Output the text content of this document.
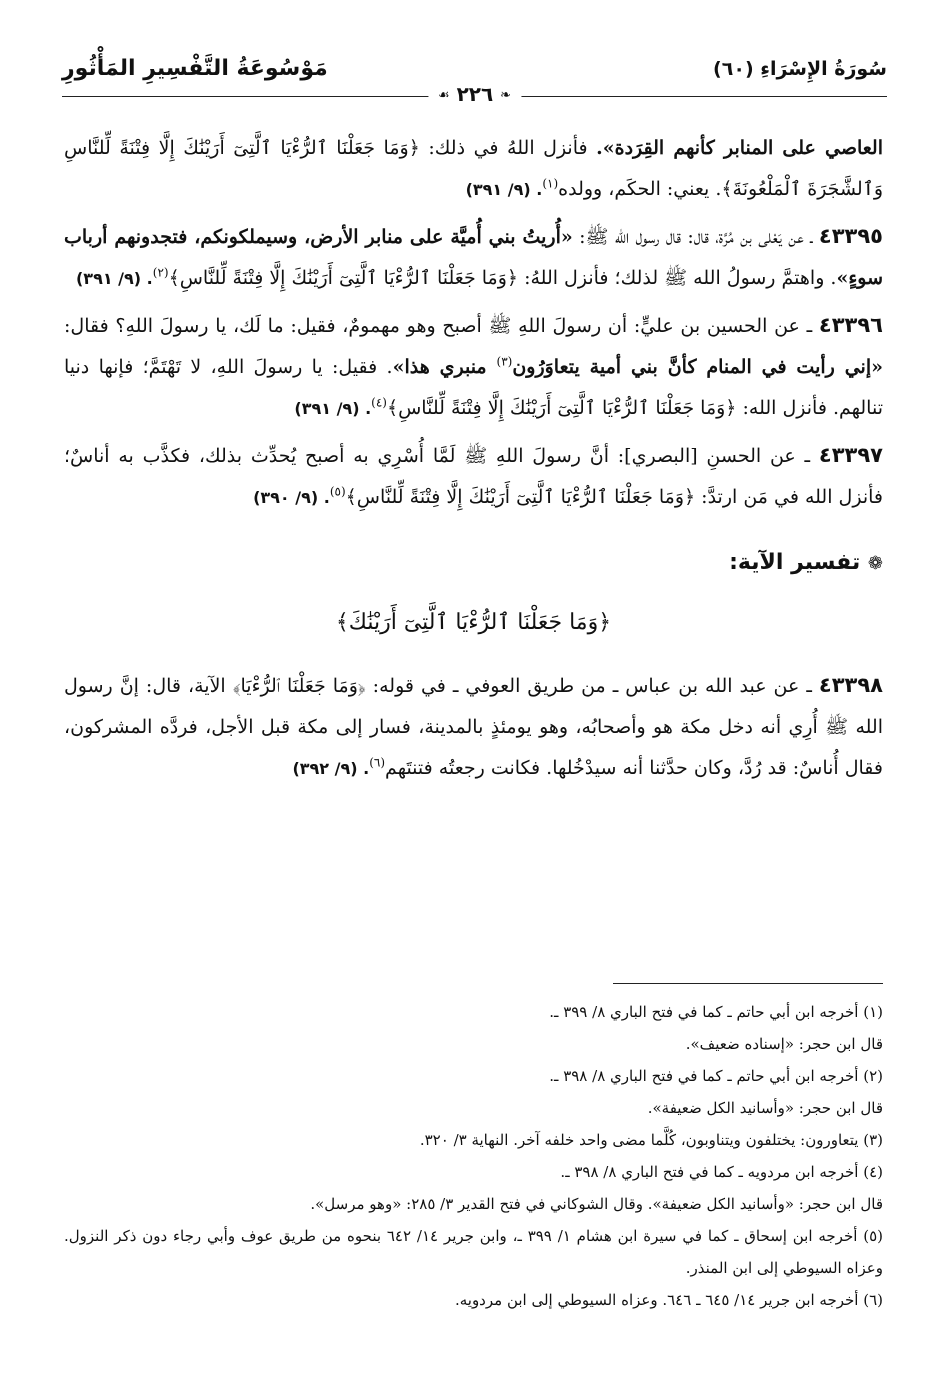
سُورَةُ الإِسْرَاءِ (٦٠)
❧ ٢٢٦ ☙
مَوْسُوعَةُ التَّفْسِيرِ المَأْثُورِ

العاصي على المنابر كأنهم القِرَدة». فأنزل اللهُ في ذلك: ﴿وَمَا جَعَلْنَا ٱلرُّءْيَا ٱلَّتِىٓ أَرَيْنَٰكَ إِلَّا فِتْنَةً لِّلنَّاسِ وَٱلشَّجَرَةَ ٱلْمَلْعُونَةَ﴾. يعني: الحكَم، وولده$^{(١)}$. (٩/ ٣٩١)

٤٣٣٩٥ ـ عن يَعْلى بن مُرَّة، قال: قال رسول الله ﷺ: «أُريتُ بني أُميَّة على منابر الأرض، وسيملكونكم، فتجدونهم أرباب سوءٍ». واهتمَّ رسولُ الله ﷺ لذلك؛ فأنزل اللهُ: ﴿وَمَا جَعَلْنَا ٱلرُّءْيَا ٱلَّتِىٓ أَرَيْنَٰكَ إِلَّا فِتْنَةً لِّلنَّاسِ﴾$^{(٢)}$. (٩/ ٣٩١)

٤٣٣٩٦ ـ عن الحسين بن عليٍّ: أن رسولَ اللهِ ﷺ أصبح وهو مهمومٌ، فقيل: ما لَك، يا رسولَ اللهِ؟ فقال: «إني رأيت في المنام كأنَّ بني أمية يتعاوَرُون$^{(٣)}$ منبري هذا». فقيل: يا رسولَ اللهِ، لا تَهْتَمَّ؛ فإنها دنيا تنالهم. فأنزل الله: ﴿وَمَا جَعَلْنَا ٱلرُّءْيَا ٱلَّتِىٓ أَرَيْنَٰكَ إِلَّا فِتْنَةً لِّلنَّاسِ﴾$^{(٤)}$. (٩/ ٣٩١)

٤٣٣٩٧ ـ عن الحسنِ [البصري]: أنَّ رسولَ اللهِ ﷺ لَمَّا أُسْرِي به أصبح يُحدِّث بذلك، فكذَّب به أناسٌ؛ فأنزل الله في مَن ارتدَّ: ﴿وَمَا جَعَلْنَا ٱلرُّءْيَا ٱلَّتِىٓ أَرَيْنَٰكَ إِلَّا فِتْنَةً لِّلنَّاسِ﴾$^{(٥)}$. (٩/ ٣٩٠)

❁ تفسير الآية:
﴿وَمَا جَعَلْنَا ٱلرُّءْيَا ٱلَّتِىٓ أَرَيْنَٰكَ﴾

٤٣٣٩٨ ـ عن عبد الله بن عباس ـ من طريق العوفي ـ في قوله: ﴿وَمَا جَعَلْنَا ٱلرُّءْيَا﴾ الآية، قال: إنَّ رسول الله ﷺ أُرِي أنه دخل مكة هو وأصحابُه، وهو يومئذٍ بالمدينة، فسار إلى مكة قبل الأجل، فردَّه المشركون، فقال أُناسٌ: قد رُدَّ، وكان حدَّثنا أنه سيدْخُلها. فكانت رجعتُه فتنتَهم$^{(٦)}$. (٩/ ٣٩٢)

(١) أخرجه ابن أبي حاتم ـ كما في فتح الباري ٨/ ٣٩٩ ـ.

قال ابن حجر: «إسناده ضعيف».

(٢) أخرجه ابن أبي حاتم ـ كما في فتح الباري ٨/ ٣٩٨ ـ.

قال ابن حجر: «وأسانيد الكل ضعيفة».

(٣) يتعاورون: يختلفون ويتناوبون، كُلَّما مضى واحد خلفه آخر. النهاية ٣/ ٣٢٠.

(٤) أخرجه ابن مردويه ـ كما في فتح الباري ٨/ ٣٩٨ ـ.

قال ابن حجر: «وأسانيد الكل ضعيفة». وقال الشوكاني في فتح القدير ٣/ ٢٨٥: «وهو مرسل».

(٥) أخرجه ابن إسحاق ـ كما في سيرة ابن هشام ١/ ٣٩٩ ـ، وابن جرير ١٤/ ٦٤٢ بنحوه من طريق عوف وأبي رجاء دون ذكر النزول. وعزاه السيوطي إلى ابن المنذر.

(٦) أخرجه ابن جرير ١٤/ ٦٤٥ ـ ٦٤٦. وعزاه السيوطي إلى ابن مردويه.
